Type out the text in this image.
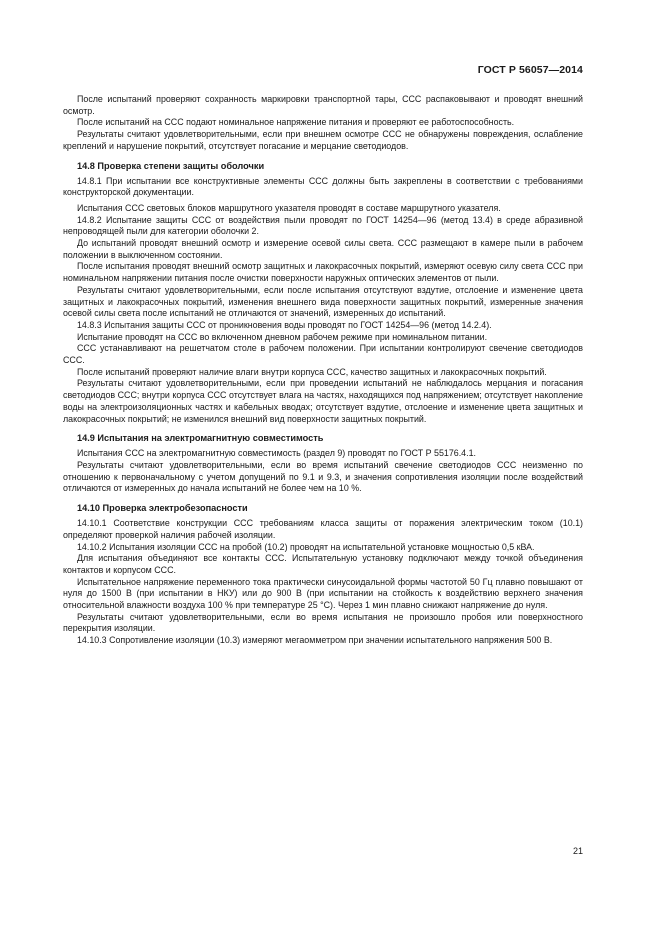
ГОСТ Р 56057—2014

После испытаний проверяют сохранность маркировки транспортной тары, ССС распаковывают и проводят внешний осмотр.

После испытаний на ССС подают номинальное напряжение питания и проверяют ее работоспособность.

Результаты считают удовлетворительными, если при внешнем осмотре ССС не обнаружены повреждения, ослабление креплений и нарушение покрытий, отсутствует погасание и мерцание светодиодов.

14.8 Проверка степени защиты оболочки

14.8.1 При испытании все конструктивные элементы ССС должны быть закреплены в соответствии с требованиями конструкторской документации.

Испытания ССС световых блоков маршрутного указателя проводят в составе маршрутного указателя.

14.8.2 Испытание защиты ССС от воздействия пыли проводят по ГОСТ 14254—96 (метод 13.4) в среде абразивной непроводящей пыли для категории оболочки 2.

До испытаний проводят внешний осмотр и измерение осевой силы света. ССС размещают в камере пыли в рабочем положении в выключенном состоянии.

После испытания проводят внешний осмотр защитных и лакокрасочных покрытий, измеряют осевую силу света ССС при номинальном напряжении питания после очистки поверхности наружных оптических элементов от пыли.

Результаты считают удовлетворительными, если после испытания отсутствуют вздутие, отслоение и изменение цвета защитных и лакокрасочных покрытий, изменения внешнего вида поверхности защитных покрытий, измеренные значения осевой силы света после испытаний не отличаются от значений, измеренных до испытаний.

14.8.3 Испытания защиты ССС от проникновения воды проводят по ГОСТ 14254—96 (метод 14.2.4).

Испытание проводят на ССС во включенном дневном рабочем режиме при номинальном питании.

ССС устанавливают на решетчатом столе в рабочем положении. При испытании контролируют свечение светодиодов ССС.

После испытаний проверяют наличие влаги внутри корпуса ССС, качество защитных и лакокрасочных покрытий.

Результаты считают удовлетворительными, если при проведении испытаний не наблюдалось мерцания и погасания светодиодов ССС; внутри корпуса ССС отсутствует влага на частях, находящихся под напряжением; отсутствует накопление воды на электроизоляционных частях и кабельных вводах; отсутствует вздутие, отслоение и изменение цвета защитных и лакокрасочных покрытий; не изменился внешний вид поверхности защитных покрытий.

14.9 Испытания на электромагнитную совместимость

Испытания ССС на электромагнитную совместимость (раздел 9) проводят по ГОСТ Р 55176.4.1.

Результаты считают удовлетворительными, если во время испытаний свечение светодиодов ССС неизменно по отношению к первоначальному с учетом допущений по 9.1 и 9.3, и значения сопротивления изоляции после воздействий отличаются от измеренных до начала испытаний не более чем на 10 %.

14.10 Проверка электробезопасности

14.10.1 Соответствие конструкции ССС требованиям класса защиты от поражения электрическим током (10.1) определяют проверкой наличия рабочей изоляции.

14.10.2 Испытания изоляции ССС на пробой (10.2) проводят на испытательной установке мощностью 0,5 кВА.

Для испытания объединяют все контакты ССС. Испытательную установку подключают между точкой объединения контактов и корпусом ССС.

Испытательное напряжение переменного тока практически синусоидальной формы частотой 50 Гц плавно повышают от нуля до 1500 В (при испытании в НКУ) или до 900 В (при испытании на стойкость к воздействию верхнего значения относительной влажности воздуха 100 % при температуре 25 °С). Через 1 мин плавно снижают напряжение до нуля.

Результаты считают удовлетворительными, если во время испытания не произошло пробоя или поверхностного перекрытия изоляции.

14.10.3 Сопротивление изоляции (10.3) измеряют мегаомметром при значении испытательного напряжения 500 В.

21
